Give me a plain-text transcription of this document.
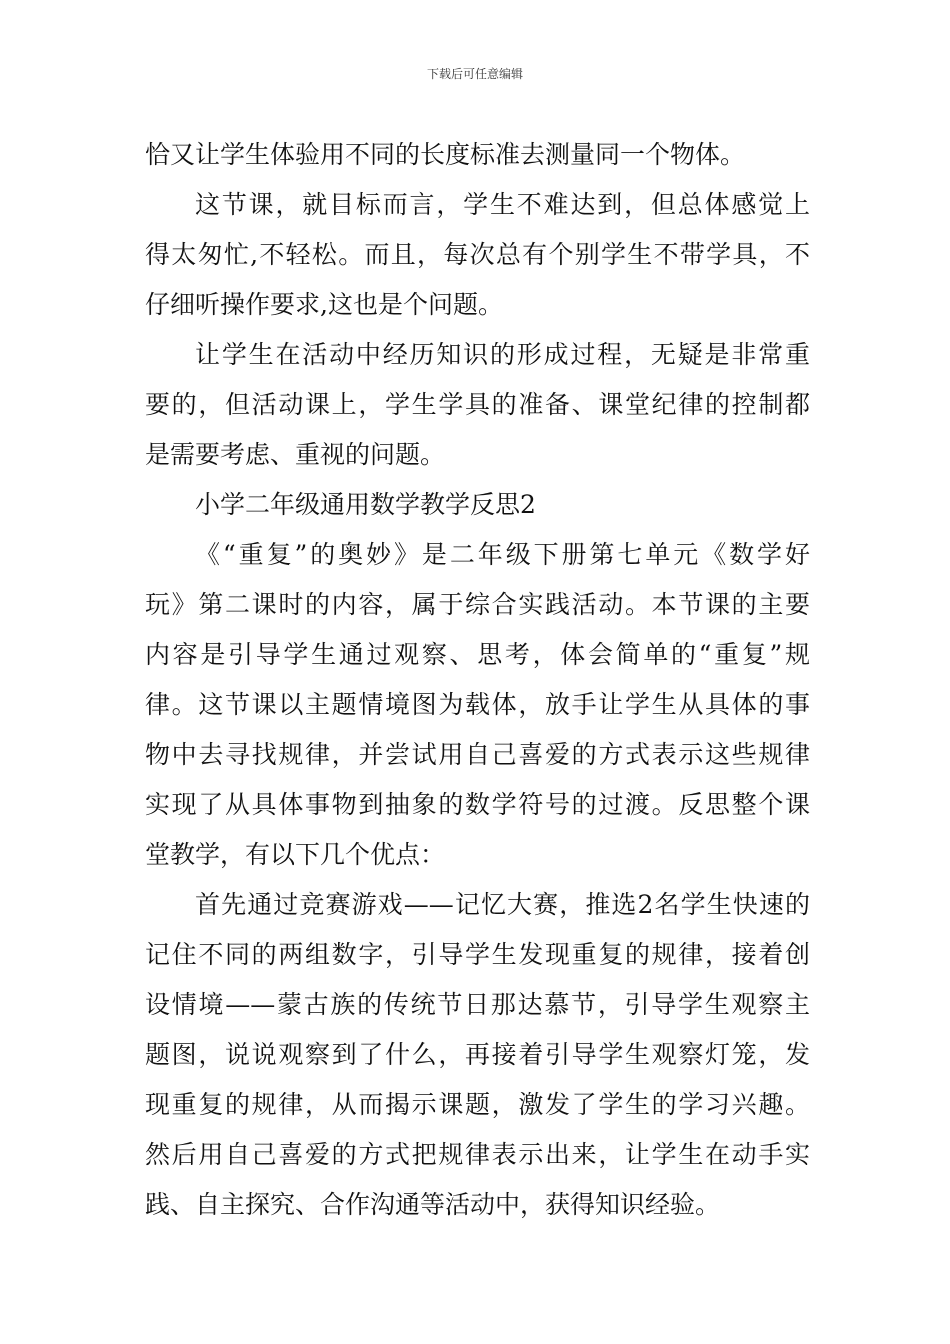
下载后可任意编辑
恰又让学生体验用不同的长度标准去测量同一个物体。
这节课，就目标而言，学生不难达到，但总体感觉上
得太匆忙,不轻松。而且，每次总有个别学生不带学具，不
仔细听操作要求,这也是个问题。
让学生在活动中经历知识的形成过程，无疑是非常重
要的，但活动课上，学生学具的准备、课堂纪律的控制都
是需要考虑、重视的问题。
小学二年级通用数学教学反思2
《“重复”的奥妙》是二年级下册第七单元《数学好
玩》第二课时的内容，属于综合实践活动。本节课的主要
内容是引导学生通过观察、思考，体会简单的“重复”规
律。这节课以主题情境图为载体，放手让学生从具体的事
物中去寻找规律，并尝试用自己喜爱的方式表示这些规律
实现了从具体事物到抽象的数学符号的过渡。反思整个课
堂教学，有以下几个优点：
首先通过竞赛游戏——记忆大赛，推选2名学生快速的
记住不同的两组数字，引导学生发现重复的规律，接着创
设情境——蒙古族的传统节日那达慕节，引导学生观察主
题图，说说观察到了什么，再接着引导学生观察灯笼，发
现重复的规律，从而揭示课题，激发了学生的学习兴趣。
然后用自己喜爱的方式把规律表示出来，让学生在动手实
践、自主探究、合作沟通等活动中，获得知识经验。
